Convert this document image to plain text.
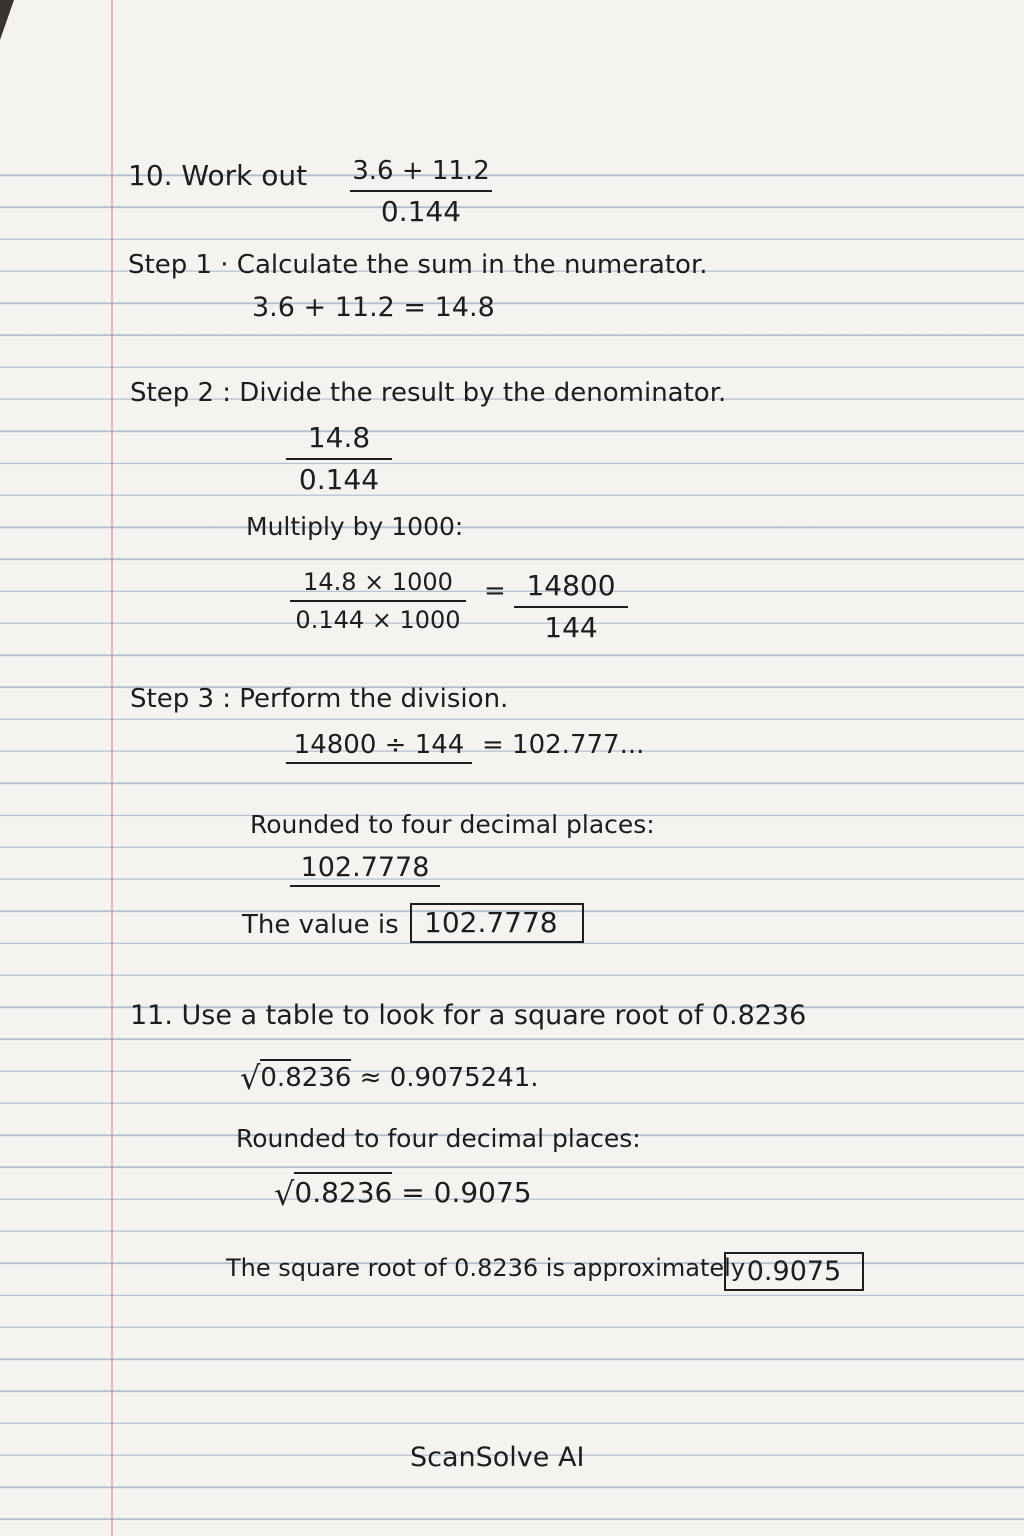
10. Work out 3.6 + 11.2
0.144
Step 1 · Calculate the sum in the numerator.
3.6 + 11.2 = 14.8
Step 2 : Divide the result by the denominator.
14.8
0.144
Multiply by 1000:
14.8 × 1000
0.144 × 1000
= 14800
144
Step 3 : Perform the division.
14800 ÷ 144 = 102.777...
Rounded to four decimal places:
102.7778
The value is 102.7778
11. Use a table to look for a square root of 0.8236
√0.8236 ≈ 0.9075241.
Rounded to four decimal places:
√0.8236 = 0.9075
The square root of 0.8236 is approximately 0.9075
ScanSolve AI
